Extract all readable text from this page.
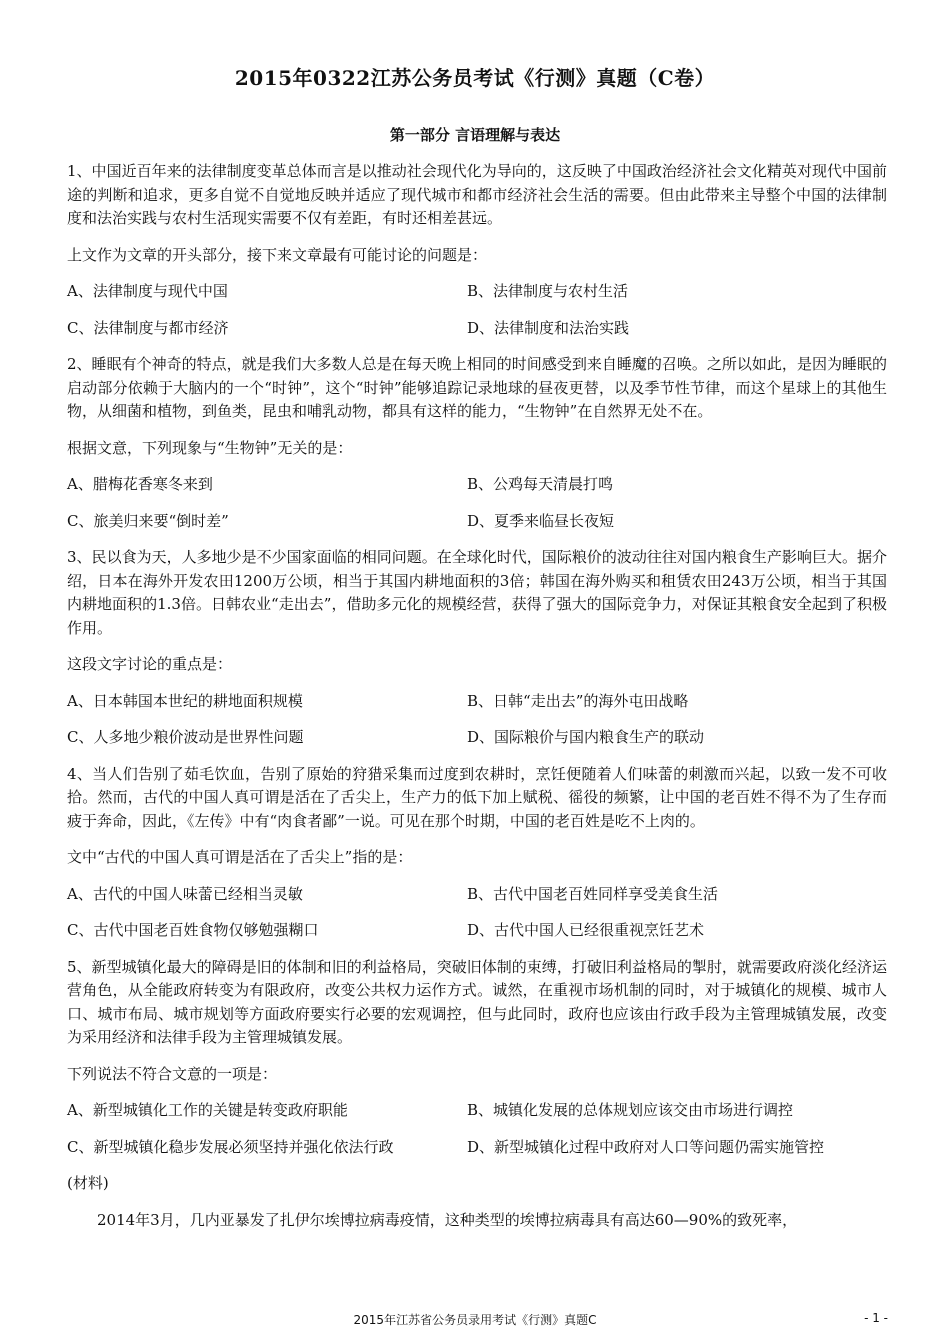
2015年0322江苏公务员考试《行测》真题（C卷）
第一部分 言语理解与表达

1、中国近百年来的法律制度变革总体而言是以推动社会现代化为导向的，这反映了中国政治经济社会文化精英对现代中国前途的判断和追求，更多自觉不自觉地反映并适应了现代城市和都市经济社会生活的需要。但由此带来主导整个中国的法律制度和法治实践与农村生活现实需要不仅有差距，有时还相差甚远。

上文作为文章的开头部分，接下来文章最有可能讨论的问题是：

A、法律制度与现代中国	B、法律制度与农村生活
C、法律制度与都市经济	D、法律制度和法治实践

2、睡眠有个神奇的特点，就是我们大多数人总是在每天晚上相同的时间感受到来自睡魔的召唤。之所以如此，是因为睡眠的启动部分依赖于大脑内的一个“时钟”，这个“时钟”能够追踪记录地球的昼夜更替，以及季节性节律，而这个星球上的其他生物，从细菌和植物，到鱼类，昆虫和哺乳动物，都具有这样的能力，“生物钟”在自然界无处不在。

根据文意，下列现象与“生物钟”无关的是：

A、腊梅花香寒冬来到	B、公鸡每天清晨打鸣
C、旅美归来要“倒时差”	D、夏季来临昼长夜短

3、民以食为天，人多地少是不少国家面临的相同问题。在全球化时代，国际粮价的波动往往对国内粮食生产影响巨大。据介绍，日本在海外开发农田1200万公顷，相当于其国内耕地面积的3倍；韩国在海外购买和租赁农田243万公顷，相当于其国内耕地面积的1.3倍。日韩农业“走出去”，借助多元化的规模经营，获得了强大的国际竞争力，对保证其粮食安全起到了积极作用。

这段文字讨论的重点是：

A、日本韩国本世纪的耕地面积规模	B、日韩“走出去”的海外屯田战略
C、人多地少粮价波动是世界性问题	D、国际粮价与国内粮食生产的联动

4、当人们告别了茹毛饮血，告别了原始的狩猎采集而过度到农耕时，烹饪便随着人们味蕾的刺激而兴起，以致一发不可收拾。然而，古代的中国人真可谓是活在了舌尖上，生产力的低下加上赋税、徭役的频繁，让中国的老百姓不得不为了生存而疲于奔命，因此，《左传》中有“肉食者鄙”一说。可见在那个时期，中国的老百姓是吃不上肉的。

文中“古代的中国人真可谓是活在了舌尖上”指的是：

A、古代的中国人味蕾已经相当灵敏	B、古代中国老百姓同样享受美食生活
C、古代中国老百姓食物仅够勉强糊口	D、古代中国人已经很重视烹饪艺术

5、新型城镇化最大的障碍是旧的体制和旧的利益格局，突破旧体制的束缚，打破旧利益格局的掣肘，就需要政府淡化经济运营角色，从全能政府转变为有限政府，改变公共权力运作方式。诚然，在重视市场机制的同时，对于城镇化的规模、城市人口、城市布局、城市规划等方面政府要实行必要的宏观调控，但与此同时，政府也应该由行政手段为主管理城镇发展，改变为采用经济和法律手段为主管理城镇发展。

下列说法不符合文意的一项是：

A、新型城镇化工作的关键是转变政府职能	B、城镇化发展的总体规划应该交由市场进行调控
C、新型城镇化稳步发展必须坚持并强化依法行政	D、新型城镇化过程中政府对人口等问题仍需实施管控

(材料)

2014年3月，几内亚暴发了扎伊尔埃博拉病毒疫情，这种类型的埃博拉病毒具有高达60—90%的致死率，

2015年江苏省公务员录用考试《行测》真题C	- 1 -
